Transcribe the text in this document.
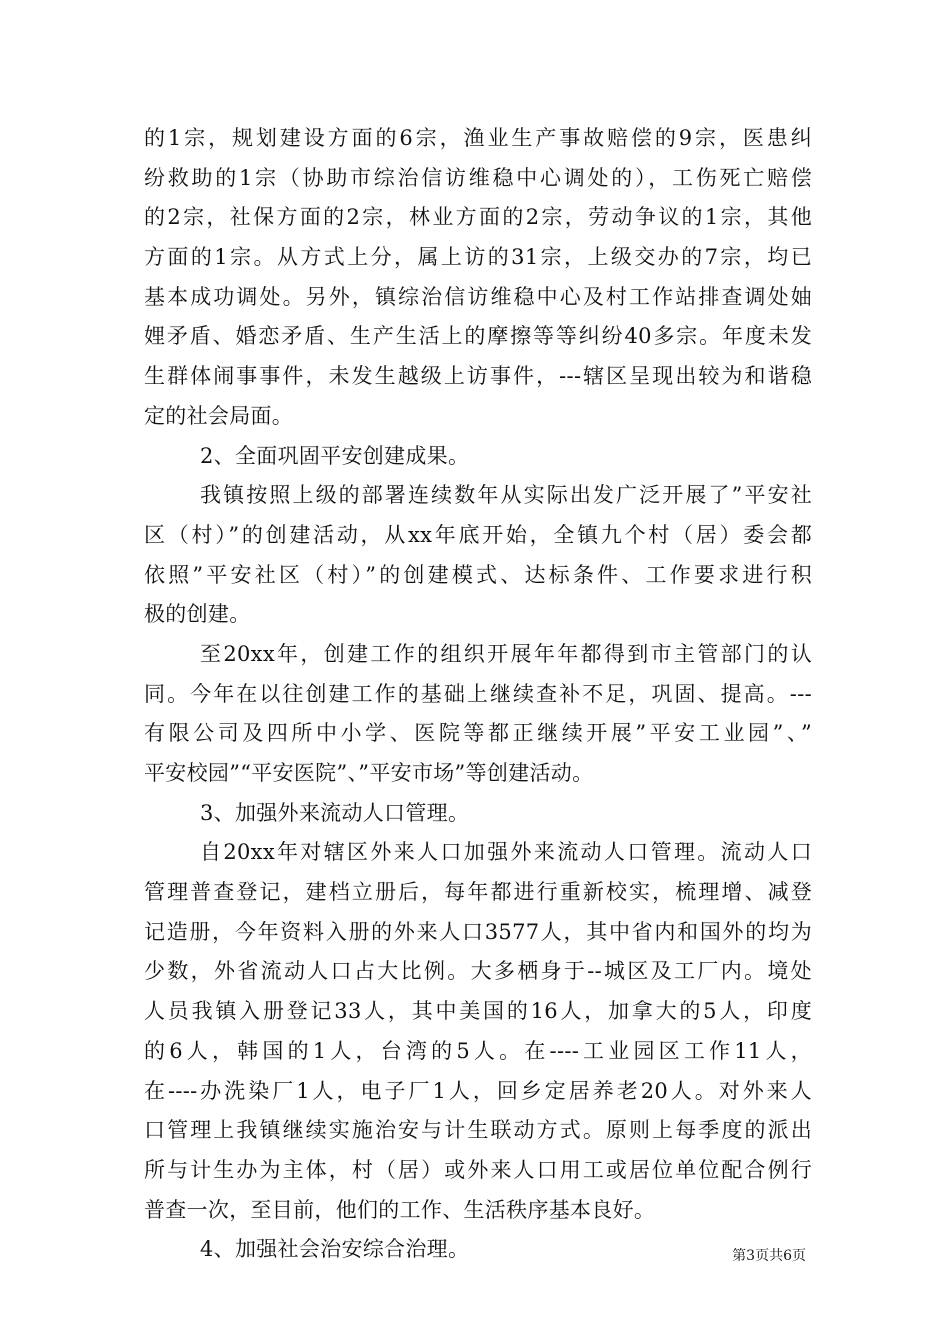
的1宗，规划建设方面的6宗，渔业生产事故赔偿的9宗，医患纠
纷救助的1宗（协助市综治信访维稳中心调处的），工伤死亡赔偿
的2宗，社保方面的2宗，林业方面的2宗，劳动争议的1宗，其他
方面的1宗。从方式上分，属上访的31宗，上级交办的7宗，均已
基本成功调处。另外，镇综治信访维稳中心及村工作站排查调处妯
娌矛盾、婚恋矛盾、生产生活上的摩擦等等纠纷40多宗。年度未发
生群体闹事事件，未发生越级上访事件，---辖区呈现出较为和谐稳
定的社会局面。
2、全面巩固平安创建成果。
我镇按照上级的部署连续数年从实际出发广泛开展了”平安社
区（村）”的创建活动，从xx年底开始，全镇九个村（居）委会都
依照”平安社区（村）”的创建模式、达标条件、工作要求进行积
极的创建。
至20xx年，创建工作的组织开展年年都得到市主管部门的认
同。今年在以往创建工作的基础上继续查补不足，巩固、提高。---
有限公司及四所中小学、医院等都正继续开展”平安工业园”、”
平安校园”“平安医院”、”平安市场”等创建活动。
3、加强外来流动人口管理。
自20xx年对辖区外来人口加强外来流动人口管理。流动人口
管理普查登记，建档立册后，每年都进行重新校实，梳理增、减登
记造册，今年资料入册的外来人口3577人，其中省内和国外的均为
少数，外省流动人口占大比例。大多栖身于--城区及工厂内。境处
人员我镇入册登记33人，其中美国的16人，加拿大的5人，印度
的6人，韩国的1人，台湾的5人。在----工业园区工作11人，
在----办洗染厂1人，电子厂1人，回乡定居养老20人。对外来人
口管理上我镇继续实施治安与计生联动方式。原则上每季度的派出
所与计生办为主体，村（居）或外来人口用工或居位单位配合例行
普查一次，至目前，他们的工作、生活秩序基本良好。
4、加强社会治安综合治理。	第3页共6页
